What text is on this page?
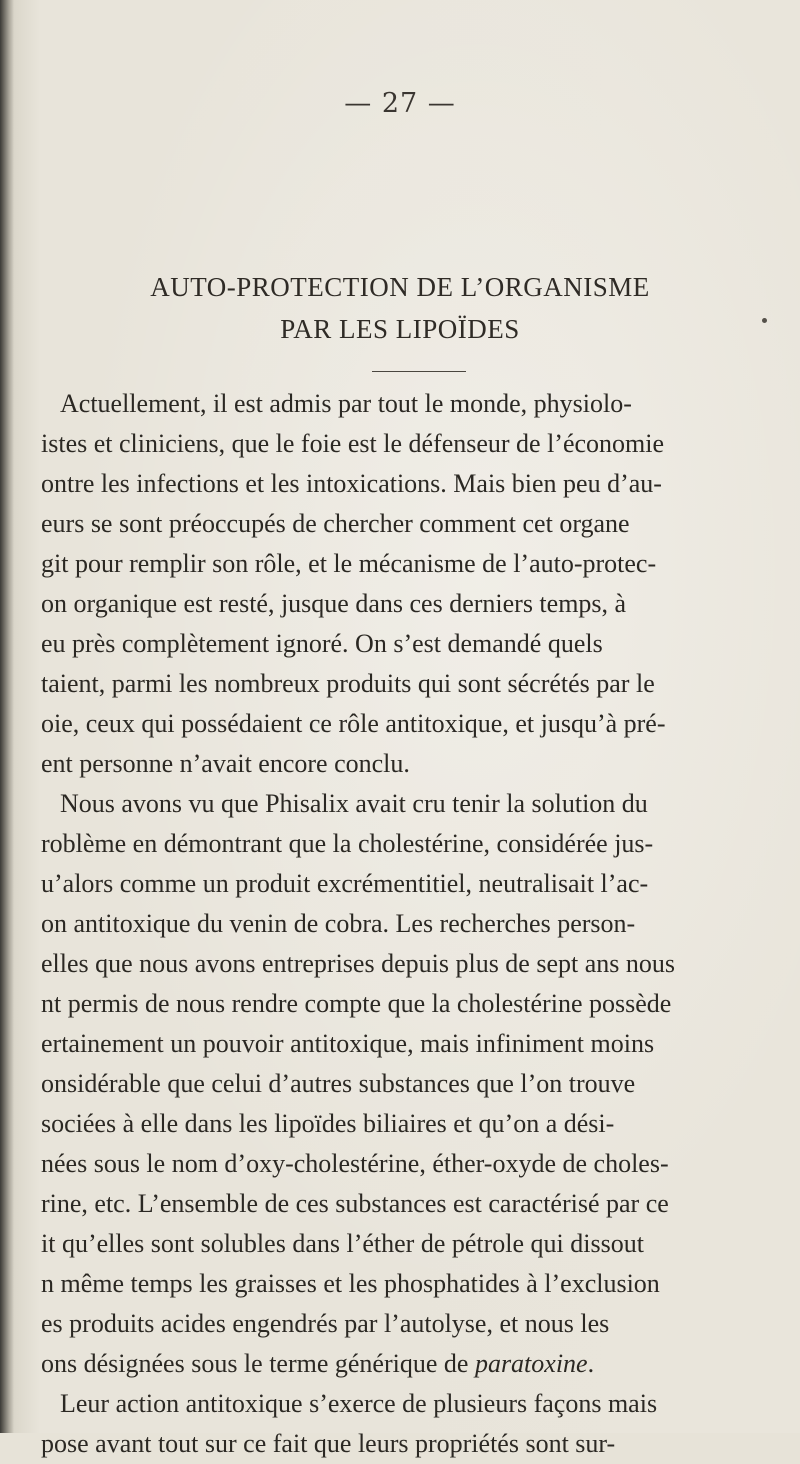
— 27 —
AUTO-PROTECTION DE L’ORGANISME
PAR LES LIPOÏDES
Actuellement, il est admis par tout le monde, physiolo-
istes et cliniciens, que le foie est le défenseur de l’économie
ontre les infections et les intoxications. Mais bien peu d’au-
eurs se sont préoccupés de chercher comment cet organe
git pour remplir son rôle, et le mécanisme de l’auto-protec-
on organique est resté, jusque dans ces derniers temps, à
eu près complètement ignoré. On s’est demandé quels
taient, parmi les nombreux produits qui sont sécrétés par le
oie, ceux qui possédaient ce rôle antitoxique, et jusqu’à pré-
ent personne n’avait encore conclu.
Nous avons vu que Phisalix avait cru tenir la solution du
roblème en démontrant que la cholestérine, considérée jus-
u’alors comme un produit excrémentitiel, neutralisait l’ac-
on antitoxique du venin de cobra. Les recherches person-
elles que nous avons entreprises depuis plus de sept ans nous
nt permis de nous rendre compte que la cholestérine possède
ertainement un pouvoir antitoxique, mais infiniment moins
onsidérable que celui d’autres substances que l’on trouve
sociées à elle dans les lipoïdes biliaires et qu’on a dési-
nées sous le nom d’oxy-cholestérine, éther-oxyde de choles-
rine, etc. L’ensemble de ces substances est caractérisé par ce
it qu’elles sont solubles dans l’éther de pétrole qui dissout
n même temps les graisses et les phosphatides à l’exclusion
es produits acides engendrés par l’autolyse, et nous les
ons désignées sous le terme générique de paratoxine.
Leur action antitoxique s’exerce de plusieurs façons mais
pose avant tout sur ce fait que leurs propriétés sont sur-
